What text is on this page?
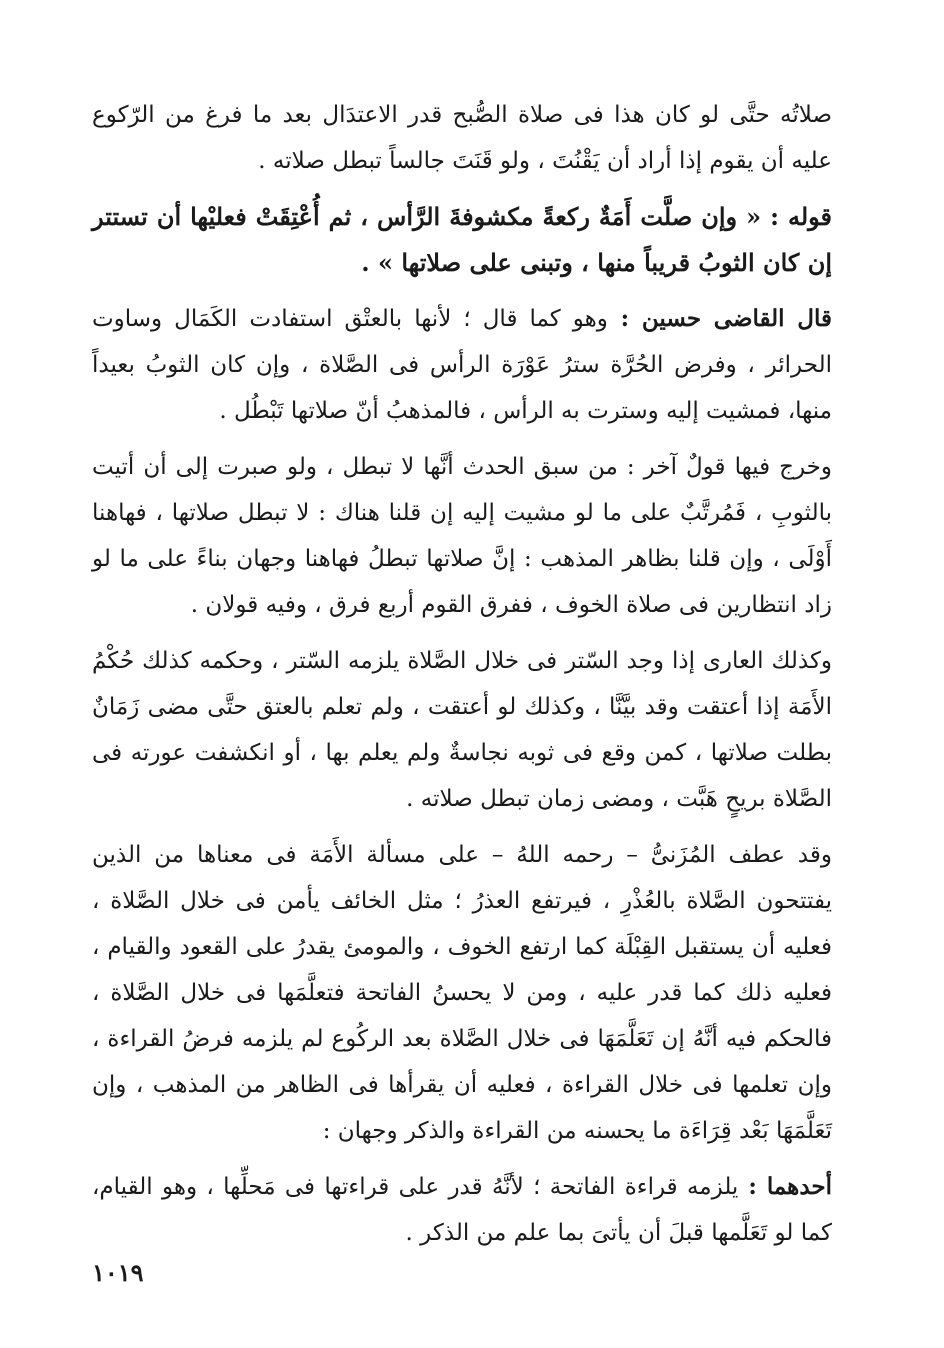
صلاتُه حتَّى لو كان هذا فى صلاة الصُّبح قدر الاعتدَال بعد ما فرغ من الرّكوع عليه أن يقوم إذا أراد أن يَقْنُتَ ، ولو قَنَتَ جالساً تبطل صلاته .

قوله : « وإن صلَّت أَمَةٌ ركعةً مكشوفةَ الرَّأس ، ثم أُعْتِقَتْ فعليْها أن تستتر إن كان الثوبُ قريباً منها ، وتبنى على صلاتها » .

قال القاضى حسين : وهو كما قال ؛ لأنها بالعتْق استفادت الكَمَال وساوت الحرائر ، وفرض الحُرَّة سترُ عَوْرَة الرأس فى الصَّلاة ، وإن كان الثوبُ بعيداً منها، فمشيت إليه وسترت به الرأس ، فالمذهبُ أنّ صلاتها تَبْطُل .

وخرج فيها قولٌ آخر : من سبق الحدث أنَّها لا تبطل ، ولو صبرت إلى أن أتيت بالثوبِ ، فَمُرتَّبٌ على ما لو مشيت إليه إن قلنا هناك : لا تبطل صلاتها ، فهاهنا أَوْلَى ، وإن قلنا بظاهر المذهب : إنَّ صلاتها تبطلُ فهاهنا وجهان بناءً على ما لو زاد انتظارين فى صلاة الخوف ، ففرق القوم أربع فرق ، وفيه قولان .

وكذلك العارى إذا وجد السّتر فى خلال الصَّلاة يلزمه السّتر ، وحكمه كذلك حُكْمُ الأَمَة إذا أعتقت وقد بيَّنَّا ، وكذلك لو أعتقت ، ولم تعلم بالعتق حتَّى مضى زَمَانٌ بطلت صلاتها ، كمن وقع فى ثوبه نجاسةٌ ولم يعلم بها ، أو انكشفت عورته فى الصَّلاة بريحٍ هَبَّت ، ومضى زمان تبطل صلاته .

وقد عطف المُزَنىُّ – رحمه اللهُ – على مسألة الأَمَة فى معناها من الذين يفتتحون الصَّلاة بالعُذْرِ ، فيرتفع العذرُ ؛ مثل الخائف يأمن فى خلال الصَّلاة ، فعليه أن يستقبل القِبْلَة كما ارتفع الخوف ، والمومئ يقدرُ على القعود والقيام ، فعليه ذلك كما قدر عليه ، ومن لا يحسنُ الفاتحة فتعلَّمَها فى خلال الصَّلاة ، فالحكم فيه أنَّهُ إن تَعَلَّمَهَا فى خلال الصَّلاة بعد الركُوع لم يلزمه فرضُ القراءة ، وإن تعلمها فى خلال القراءة ، فعليه أن يقرأها فى الظاهر من المذهب ، وإن تَعَلَّمَهَا بَعْد قِرَاءَة ما يحسنه من القراءة والذكر وجهان :

أحدهما : يلزمه قراءة الفاتحة ؛ لأنَّهُ قدر على قراءتها فى مَحلِّها ، وهو القيام، كما لو تَعَلَّمها قبلَ أن يأتىَ بما علم من الذكر .

١٠١٩
